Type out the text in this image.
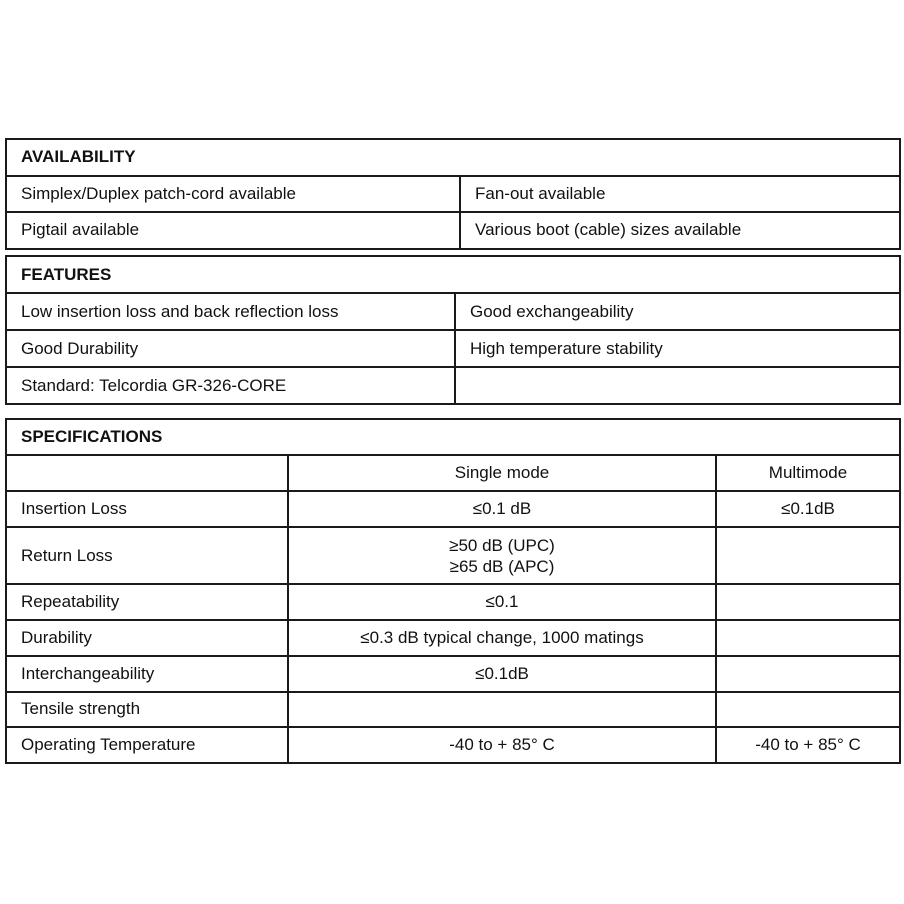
AVAILABILITY	
Simplex/Duplex patch-cord available	Fan-out available
Pigtail available	Various boot (cable) sizes available
FEATURES	
Low insertion loss and back reflection loss	Good exchangeability
Good Durability	High temperature stability
Standard: Telcordia GR-326-CORE	
SPECIFICATIONS		
	Single mode	Multimode
Insertion Loss	≤0.1 dB	≤0.1dB
Return Loss	≥50 dB (UPC)
≥65 dB (APC)	

Repeatability	≤0.1	
Durability	≤0.3 dB typical change, 1000 matings	
Interchangeability	≤0.1dB	
Tensile strength		
Operating Temperature	-40 to + 85° C	-40 to + 85° C
